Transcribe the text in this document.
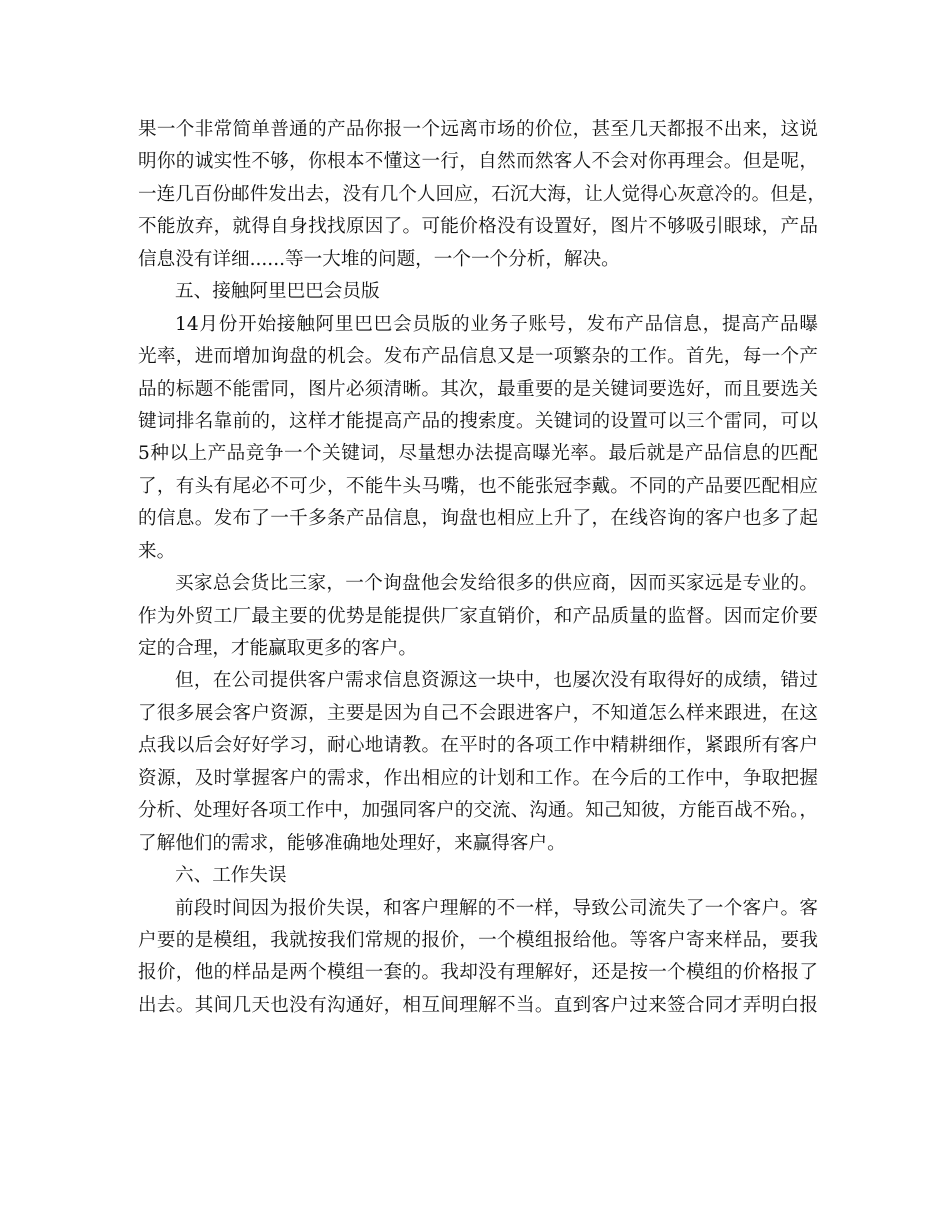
果一个非常简单普通的产品你报一个远离市场的价位，甚至几天都报不出来，这说
明你的诚实性不够，你根本不懂这一行，自然而然客人不会对你再理会。但是呢，
一连几百份邮件发出去，没有几个人回应，石沉大海，让人觉得心灰意冷的。但是，
不能放弃，就得自身找找原因了。可能价格没有设置好，图片不够吸引眼球，产品
信息没有详细......等一大堆的问题，一个一个分析，解决。
五、接触阿里巴巴会员版
14月份开始接触阿里巴巴会员版的业务子账号，发布产品信息，提高产品曝
光率，进而增加询盘的机会。发布产品信息又是一项繁杂的工作。首先，每一个产
品的标题不能雷同，图片必须清晰。其次，最重要的是关键词要选好，而且要选关
键词排名靠前的，这样才能提高产品的搜索度。关键词的设置可以三个雷同，可以
5种以上产品竞争一个关键词，尽量想办法提高曝光率。最后就是产品信息的匹配
了，有头有尾必不可少，不能牛头马嘴，也不能张冠李戴。不同的产品要匹配相应
的信息。发布了一千多条产品信息，询盘也相应上升了，在线咨询的客户也多了起
来。
买家总会货比三家，一个询盘他会发给很多的供应商，因而买家远是专业的。
作为外贸工厂最主要的优势是能提供厂家直销价，和产品质量的监督。因而定价要
定的合理，才能赢取更多的客户。
但，在公司提供客户需求信息资源这一块中，也屡次没有取得好的成绩，错过
了很多展会客户资源，主要是因为自己不会跟进客户，不知道怎么样来跟进，在这
点我以后会好好学习，耐心地请教。在平时的各项工作中精耕细作，紧跟所有客户
资源，及时掌握客户的需求，作出相应的计划和工作。在今后的工作中，争取把握
分析、处理好各项工作中，加强同客户的交流、沟通。知己知彼，方能百战不殆。，
了解他们的需求，能够准确地处理好，来赢得客户。
六、工作失误
前段时间因为报价失误，和客户理解的不一样，导致公司流失了一个客户。客
户要的是模组，我就按我们常规的报价，一个模组报给他。等客户寄来样品，要我
报价，他的样品是两个模组一套的。我却没有理解好，还是按一个模组的价格报了
出去。其间几天也没有沟通好，相互间理解不当。直到客户过来签合同才弄明白报
